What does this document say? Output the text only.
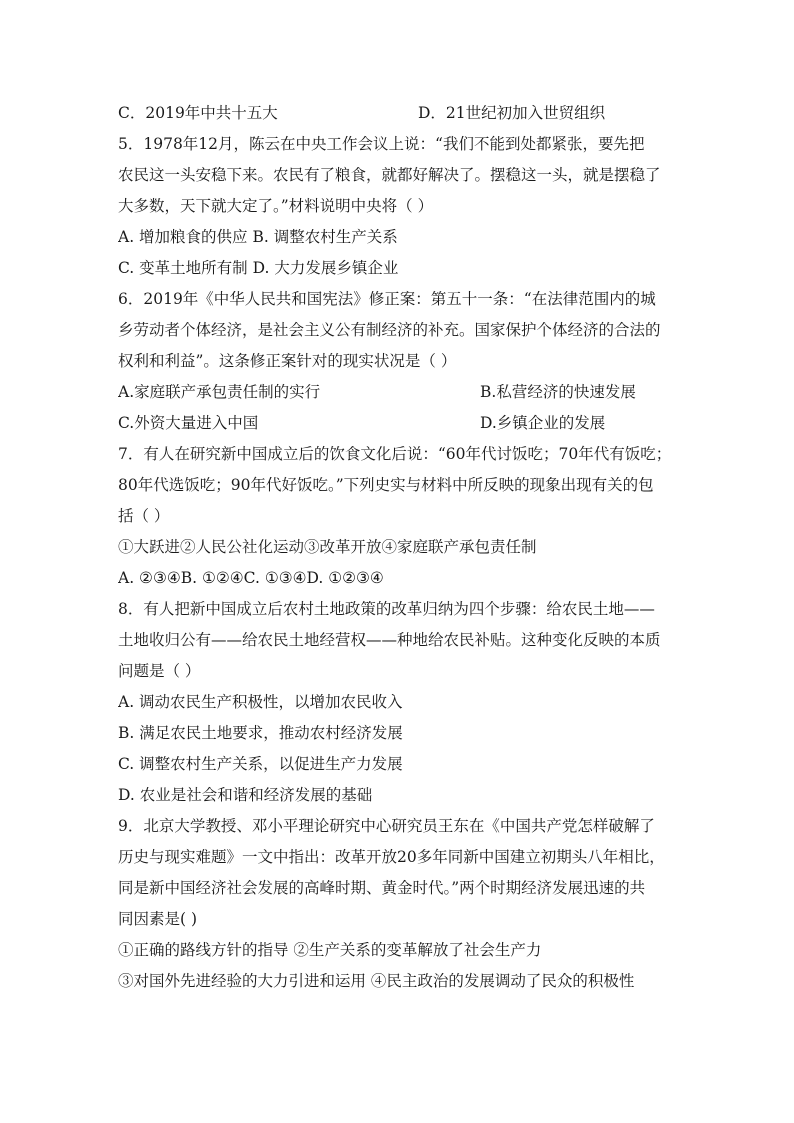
C．2019年中共十五大	D．21世纪初加入世贸组织
5．1978年12月，陈云在中央工作会议上说：“我们不能到处都紧张，要先把
农民这一头安稳下来。农民有了粮食，就都好解决了。摆稳这一头，就是摆稳了
大多数，天下就大定了。”材料说明中央将（ ）
A. 增加粮食的供应 B. 调整农村生产关系
C. 变革土地所有制 D. 大力发展乡镇企业
6．2019年《中华人民共和国宪法》修正案：第五十一条：“在法律范围内的城
乡劳动者个体经济，是社会主义公有制经济的补充。国家保护个体经济的合法的
权利和利益”。这条修正案针对的现实状况是（ ）
A.家庭联产承包责任制的实行	B.私营经济的快速发展
C.外资大量进入中国	D.乡镇企业的发展
7．有人在研究新中国成立后的饮食文化后说：“60年代讨饭吃；70年代有饭吃；
80年代选饭吃；90年代好饭吃。”下列史实与材料中所反映的现象出现有关的包
括（ ）
①大跃进②人民公社化运动③改革开放④家庭联产承包责任制
A. ②③④B. ①②④C. ①③④D. ①②③④
8．有人把新中国成立后农村土地政策的改革归纳为四个步骤：给农民土地——
土地收归公有——给农民土地经营权——种地给农民补贴。这种变化反映的本质
问题是（ ）
A. 调动农民生产积极性，以增加农民收入
B. 满足农民土地要求，推动农村经济发展
C. 调整农村生产关系，以促进生产力发展
D. 农业是社会和谐和经济发展的基础
9．北京大学教授、邓小平理论研究中心研究员王东在《中国共产党怎样破解了
历史与现实难题》一文中指出：改革开放20多年同新中国建立初期头八年相比，
同是新中国经济社会发展的高峰时期、黄金时代。”两个时期经济发展迅速的共
同因素是( )
①正确的路线方针的指导 ②生产关系的变革解放了社会生产力
③对国外先进经验的大力引进和运用 ④民主政治的发展调动了民众的积极性
